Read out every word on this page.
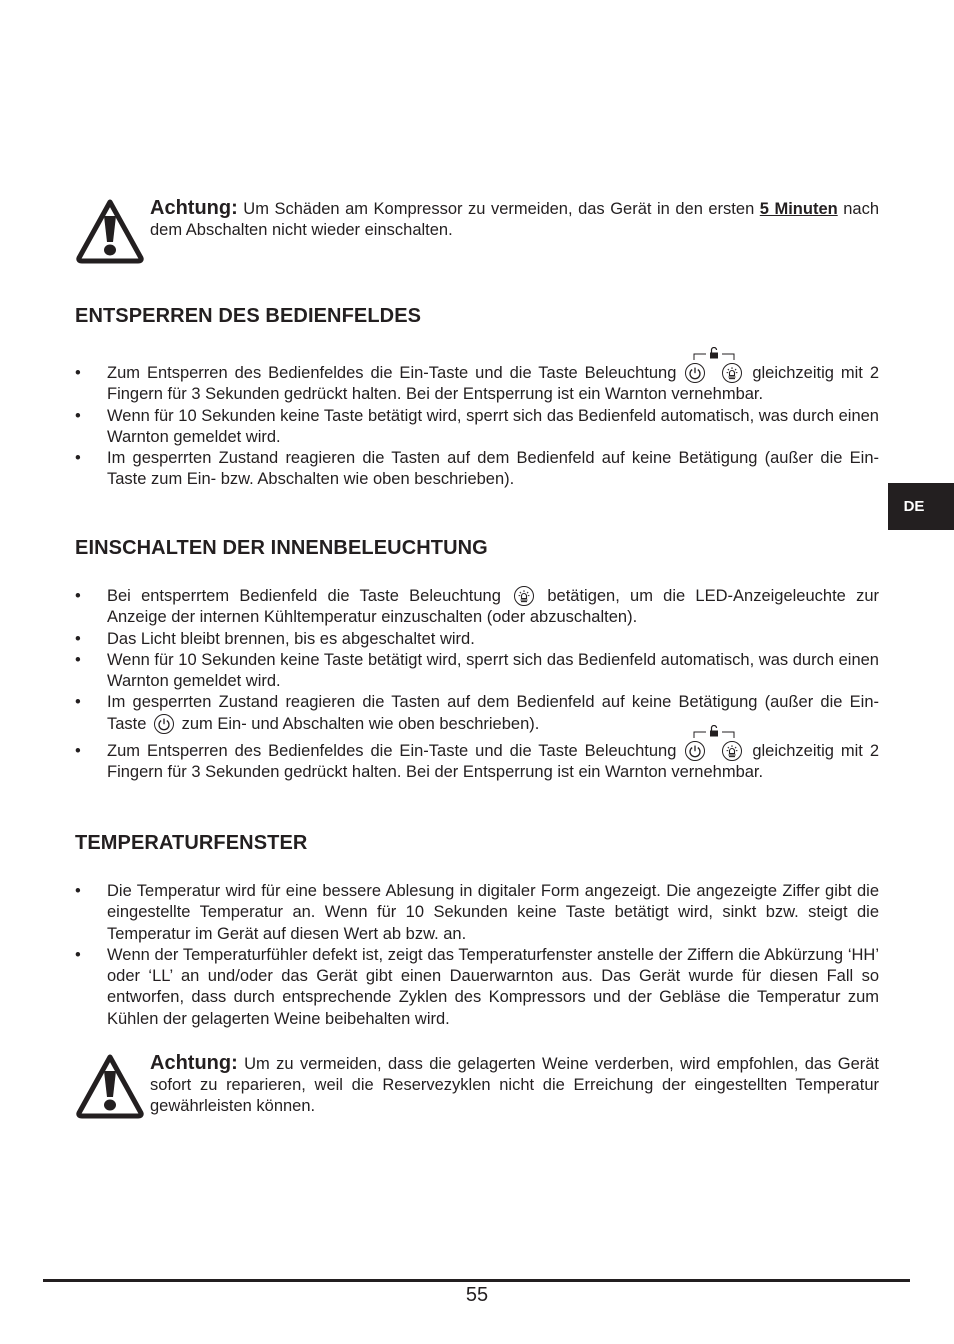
Achtung: Um Schäden am Kompressor zu vermeiden, das Gerät in den ersten 5 Minuten nach dem Abschalten nicht wieder einschalten.
ENTSPERREN DES BEDIENFELDES
• Zum Entsperren des Bedienfeldes die Ein-Taste und die Taste Beleuchtung	gleichzeitig mit 2 Fingern für 3 Sekunden gedrückt halten. Bei der Entsperrung ist ein Warnton vernehmbar.
• Wenn für 10 Sekunden keine Taste betätigt wird, sperrt sich das Bedienfeld automatisch, was durch einen Warnton gemeldet wird.
• Im gesperrten Zustand reagieren die Tasten auf dem Bedienfeld auf keine Betätigung (außer die Ein-Taste zum Ein- bzw. Abschalten wie oben beschrieben).
EINSCHALTEN DER INNENBELEUCHTUNG
• Bei entsperrtem Bedienfeld die Taste Beleuchtung	betätigen, um die LED-Anzeigeleuchte zur Anzeige der internen Kühltemperatur einzuschalten (oder abzuschalten).
• Das Licht bleibt brennen, bis es abgeschaltet wird.
• Wenn für 10 Sekunden keine Taste betätigt wird, sperrt sich das Bedienfeld automatisch, was durch einen Warnton gemeldet wird.
• Im gesperrten Zustand reagieren die Tasten auf dem Bedienfeld auf keine Betätigung (außer die Ein-Taste zum Ein- und Abschalten wie oben beschrieben).
• Zum Entsperren des Bedienfeldes die Ein-Taste und die Taste Beleuchtung	gleichzeitig mit 2 Fingern für 3 Sekunden gedrückt halten. Bei der Entsperrung ist ein Warnton vernehmbar.
TEMPERATURFENSTER
• Die Temperatur wird für eine bessere Ablesung in digitaler Form angezeigt. Die angezeigte Ziffer gibt die eingestellte Temperatur an. Wenn für 10 Sekunden keine Taste betätigt wird, sinkt bzw. steigt die Temperatur im Gerät auf diesen Wert ab bzw. an.
• Wenn der Temperaturfühler defekt ist, zeigt das Temperaturfenster anstelle der Ziffern die Abkürzung ‘HH’ oder ‘LL’ an und/oder das Gerät gibt einen Dauerwarnton aus. Das Gerät wurde für diesen Fall so entworfen, dass durch entsprechende Zyklen des Kompressors und der Gebläse die Temperatur zum Kühlen der gelagerten Weine beibehalten wird.
Achtung: Um zu vermeiden, dass die gelagerten Weine verderben, wird empfohlen, das Gerät sofort zu reparieren, weil die Reservezyklen nicht die Erreichung der eingestellten Temperatur gewährleisten können.
DE
55
